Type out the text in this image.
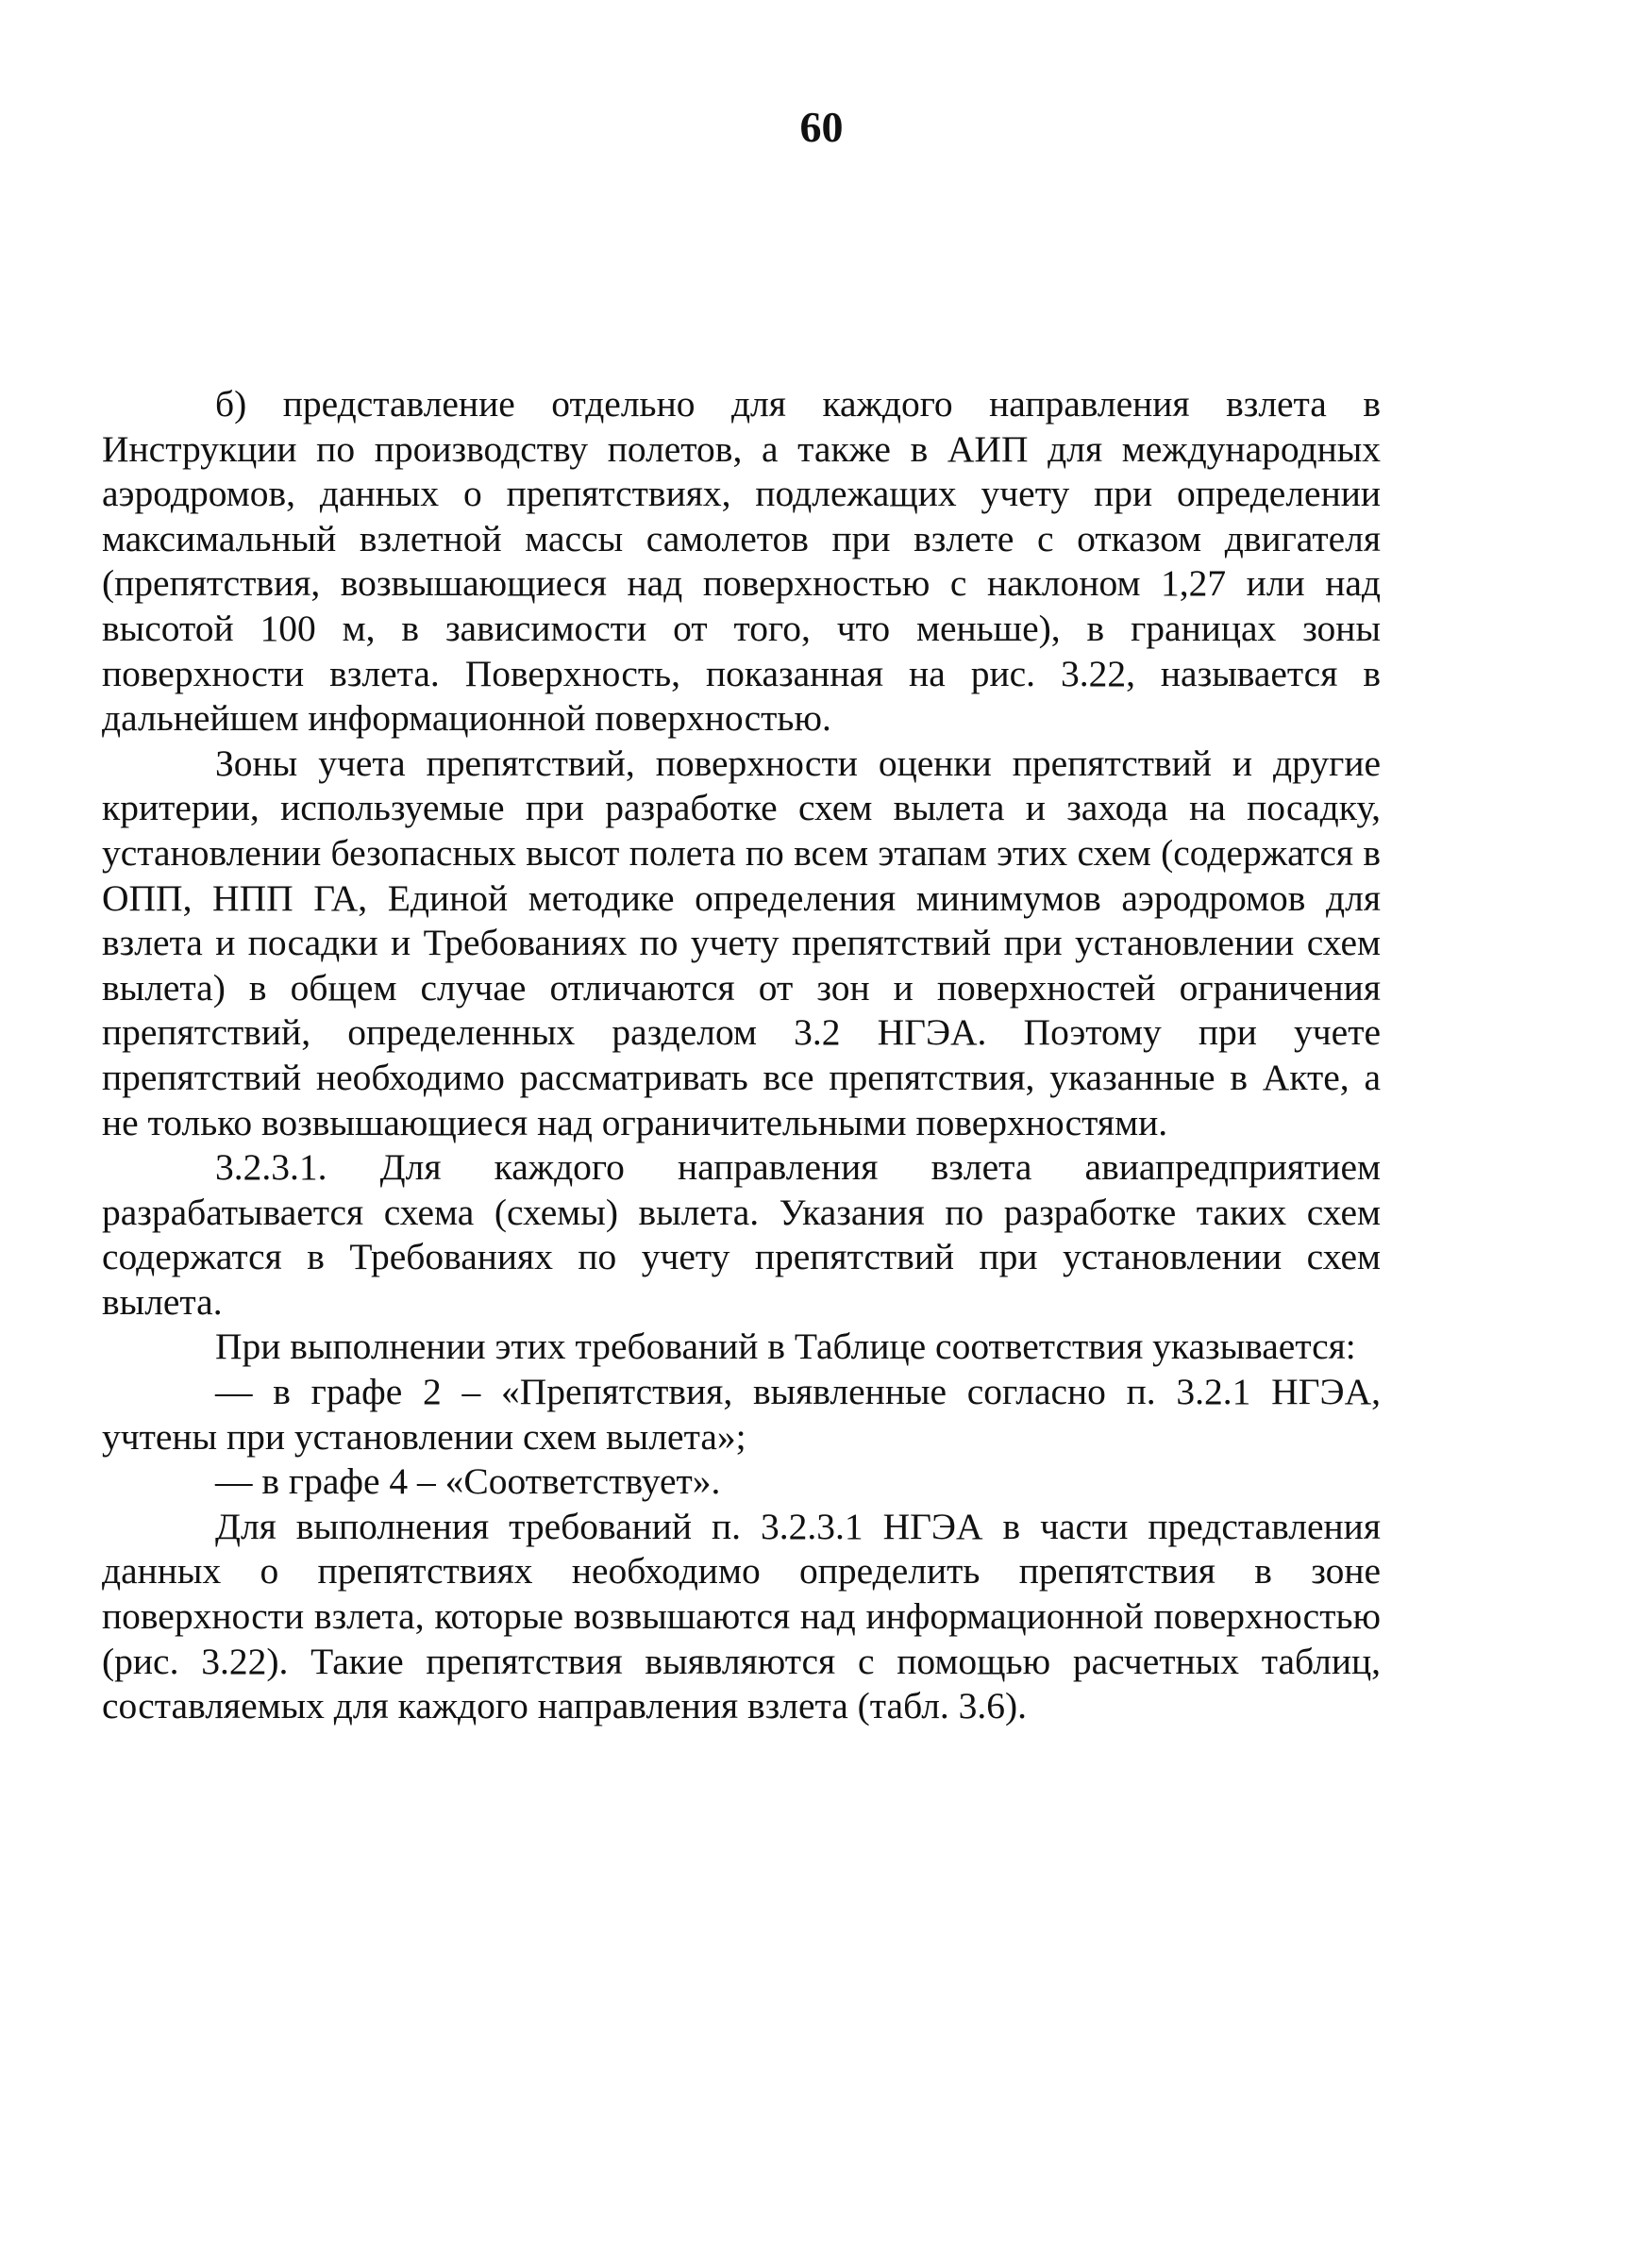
60

б) представление отдельно для каждого направления взлета в Инструкции по производству полетов, а также в АИП для международных аэродромов, данных о препятствиях, подлежащих учету при определении максимальный взлетной массы самолетов при взлете с отказом двигателя (препятствия, возвышающиеся над поверхностью с наклоном 1,27 или над высотой 100 м, в зависимости от того, что меньше), в границах зоны поверхности взлета. Поверхность, показанная на рис. 3.22, называется в дальнейшем информационной поверхностью.

Зоны учета препятствий, поверхности оценки препятствий и другие критерии, используемые при разработке схем вылета и захода на посадку, установлении безопасных высот полета по всем этапам этих схем (содержатся в ОПП, НПП ГА, Единой методике определения минимумов аэродромов для взлета и посадки и Требованиях по учету препятствий при установлении схем вылета) в общем случае отличаются от зон и поверхностей ограничения препятствий, определенных разделом 3.2 НГЭА. Поэтому при учете препятствий необходимо рассматривать все препятствия, указанные в Акте, а не только возвышающиеся над ограничительными поверхностями.

3.2.3.1. Для каждого направления взлета авиапредприятием разрабатывается схема (схемы) вылета. Указания по разработке таких схем содержатся в Требованиях по учету препятствий при установлении схем вылета.

При выполнении этих требований в Таблице соответствия указывается:

— в графе 2 – «Препятствия, выявленные согласно п. 3.2.1 НГЭА, учтены при установлении схем вылета»;

— в графе 4 – «Соответствует».

Для выполнения требований п. 3.2.3.1 НГЭА в части представления данных о препятствиях необходимо определить препятствия в зоне поверхности взлета, которые возвышаются над информационной поверхностью (рис. 3.22). Такие препятствия выявляются с помощью расчетных таблиц, составляемых для каждого направления взлета (табл. 3.6).
